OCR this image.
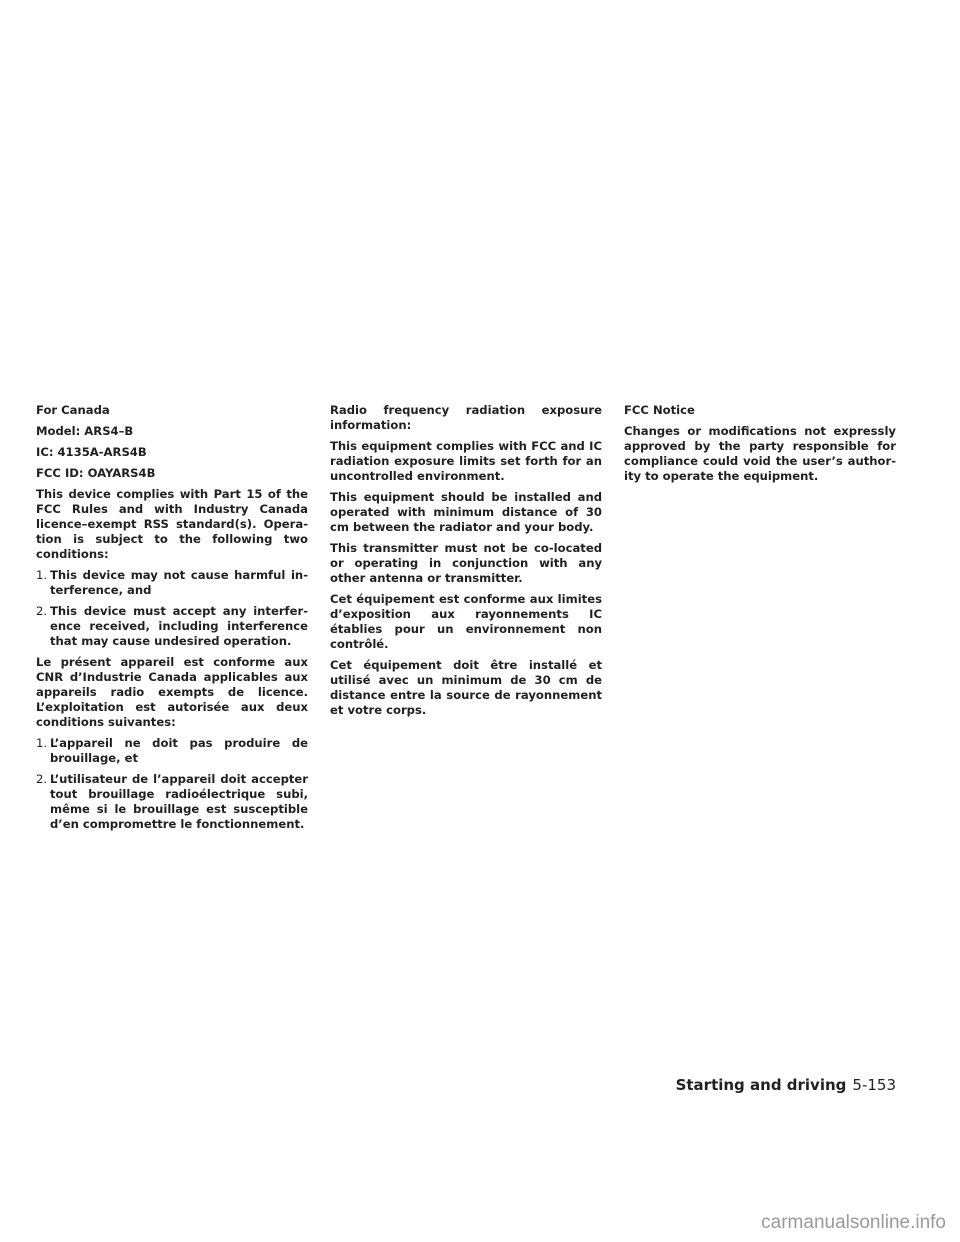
For Canada

Model: ARS4–B

IC: 4135A-ARS4B

FCC ID: OAYARS4B

This device complies with Part 15 of the FCC Rules and with Industry Canada licence–exempt RSS standard(s). Operation is subject to the following two conditions:

1. This device may not cause harmful interference, and
2. This device must accept any interference received, including interference that may cause undesired operation.

Le présent appareil est conforme aux CNR d’Industrie Canada applicables aux appareils radio exempts de licence. L’exploitation est autorisée aux deux conditions suivantes:

1. L’appareil ne doit pas produire de brouillage, et
2. L’utilisateur de l’appareil doit accepter tout brouillage radioélectrique subi, même si le brouillage est susceptible d’en compromettre le fonctionnement.

Radio frequency radiation exposure information:

This equipment complies with FCC and IC radiation exposure limits set forth for an uncontrolled environment.

This equipment should be installed and operated with minimum distance of 30 cm between the radiator and your body.

This transmitter must not be co-located or operating in conjunction with any other antenna or transmitter.

Cet équipement est conforme aux limites d’exposition aux rayonnements IC établies pour un environnement non contrôlé.

Cet équipement doit être installé et utilisé avec un minimum de 30 cm de distance entre la source de rayonnement et votre corps.

FCC Notice

Changes or modifications not expressly approved by the party responsible for compliance could void the user’s authority to operate the equipment.

Starting and driving 5-153
carmanualsonline.info
